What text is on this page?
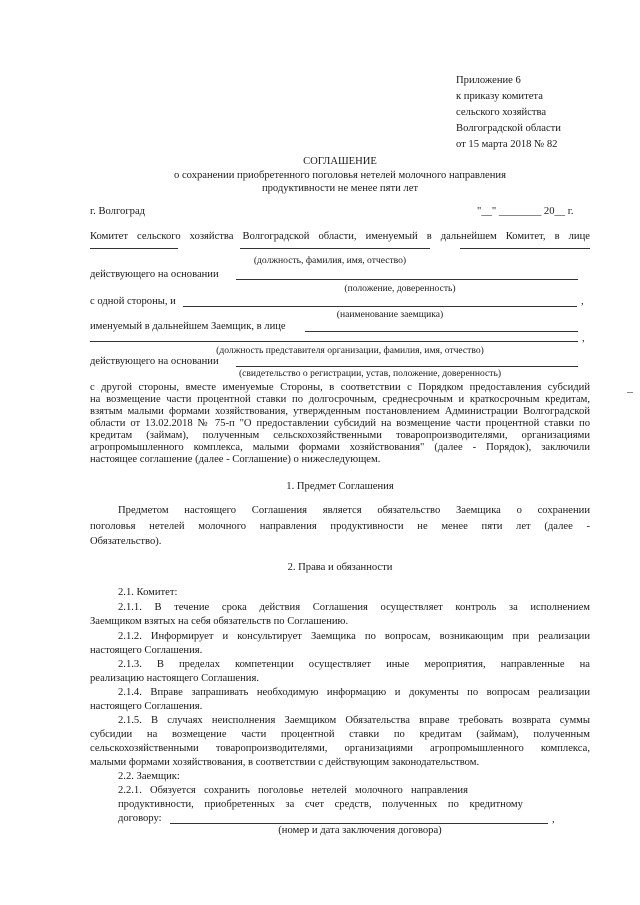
Приложение 6
к приказу комитета
сельского хозяйства
Волгоградской области
от 15 марта 2018 № 82
СОГЛАШЕНИЕ
о сохранении приобретенного поголовья нетелей молочного направления
продуктивности не менее пяти лет
г. Волгоград	"__" ________ 20__ г.
Комитет сельского хозяйства Волгоградской области, именуемый в дальнейшем Комитет, в лице
(должность, фамилия, имя, отчество)
действующего на основании
(положение, доверенность)
с одной стороны, и	,
(наименование заемщика)
именуемый в дальнейшем Заемщик, в лице
,
(должность представителя организации, фамилия, имя, отчество)
действующего на основании
(свидетельство о регистрации, устав, положение, доверенность)
с другой стороны, вместе именуемые Стороны, в соответствии с Порядком предоставления субсидий
на возмещение части процентной ставки по долгосрочным, среднесрочным и краткосрочным кредитам,
взятым малыми формами хозяйствования, утвержденным постановлением Администрации Волгоградской
области от 13.02.2018 № 75-п "О предоставлении субсидий на возмещение части процентной ставки по
кредитам (займам), полученным сельскохозяйственными товаропроизводителями, организациями
агропромышленного комплекса, малыми формами хозяйствования" (далее - Порядок), заключили
настоящее соглашение (далее - Соглашение) о нижеследующем.
1. Предмет Соглашения
Предметом настоящего Соглашения является обязательство Заемщика о сохранении
поголовья нетелей молочного направления продуктивности не менее пяти лет (далее -
Обязательство).
2. Права и обязанности
2.1. Комитет:
2.1.1. В течение срока действия Соглашения осуществляет контроль за исполнением
Заемщиком взятых на себя обязательств по Соглашению.
2.1.2. Информирует и консультирует Заемщика по вопросам, возникающим при реализации
настоящего Соглашения.
2.1.3. В пределах компетенции осуществляет иные мероприятия, направленные на
реализацию настоящего Соглашения.
2.1.4. Вправе запрашивать необходимую информацию и документы по вопросам реализации
настоящего Соглашения.
2.1.5. В случаях неисполнения Заемщиком Обязательства вправе требовать возврата суммы
субсидии на возмещение части процентной ставки по кредитам (займам), полученным
сельскохозяйственными товаропроизводителями, организациями агропромышленного комплекса,
малыми формами хозяйствования, в соответствии с действующим законодательством.
2.2. Заемщик:
2.2.1. Обязуется сохранить поголовье нетелей молочного направления
продуктивности, приобретенных за счет средств, полученных по кредитному
договору:	,
(номер и дата заключения договора)
